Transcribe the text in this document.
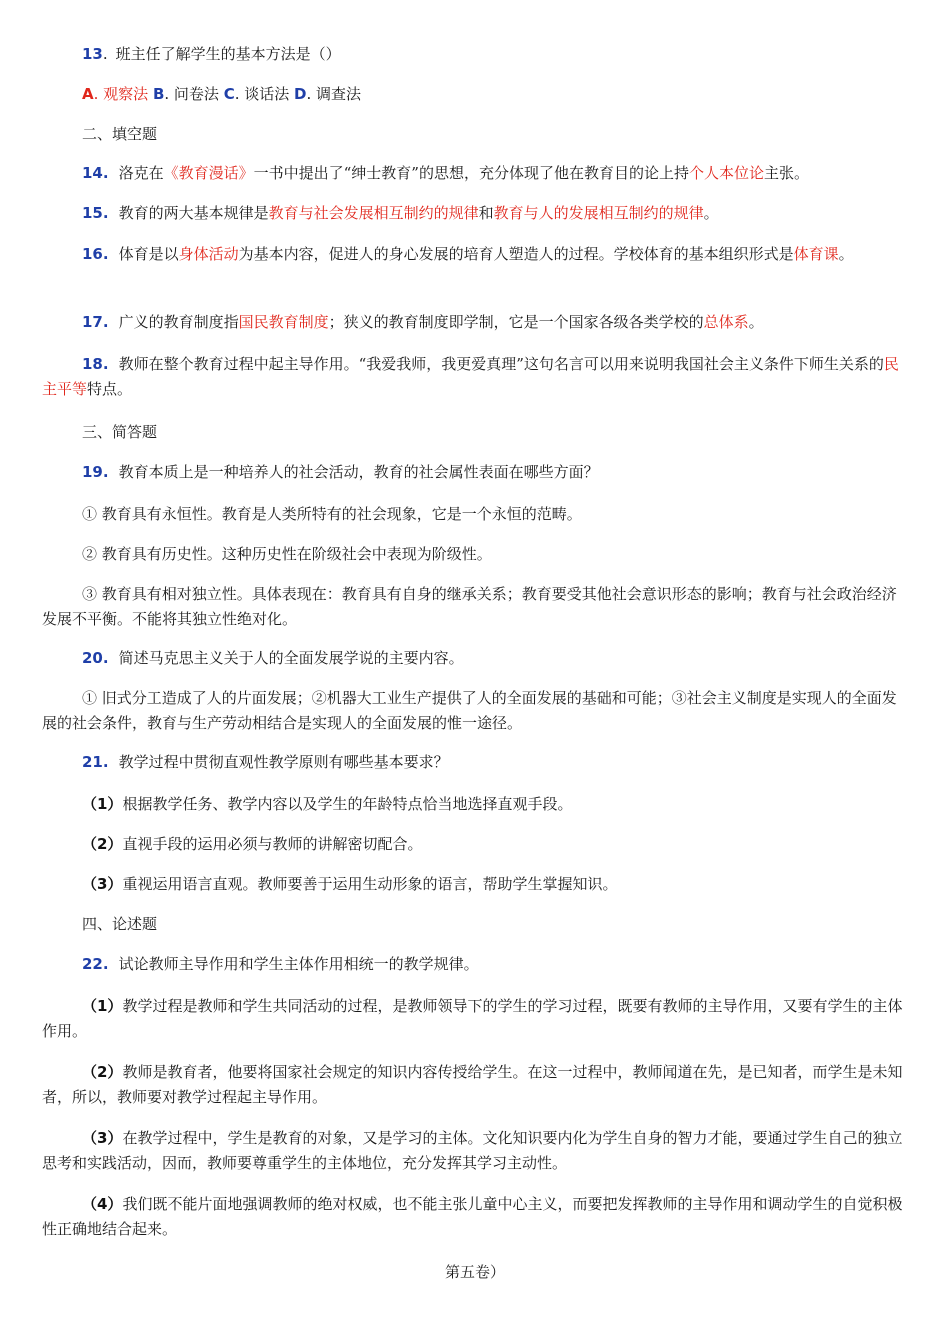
13. 班主任了解学生的基本方法是（）

A. 观察法 B. 问卷法 C. 谈话法 D. 调查法

二、填空题

14. 洛克在《教育漫话》一书中提出了“绅士教育”的思想，充分体现了他在教育目的论上持个人本位论主张。

15. 教育的两大基本规律是教育与社会发展相互制约的规律和教育与人的发展相互制约的规律。

16. 体育是以身体活动为基本内容，促进人的身心发展的培育人塑造人的过程。学校体育的基本组织形式是体育课。

17. 广义的教育制度指国民教育制度；狭义的教育制度即学制，它是一个国家各级各类学校的总体系。

18. 教师在整个教育过程中起主导作用。“我爱我师，我更爱真理”这句名言可以用来说明我国社会主义条件下师生关系的民主平等特点。

三、简答题

19. 教育本质上是一种培养人的社会活动，教育的社会属性表面在哪些方面？

① 教育具有永恒性。教育是人类所特有的社会现象，它是一个永恒的范畴。

② 教育具有历史性。这种历史性在阶级社会中表现为阶级性。

③ 教育具有相对独立性。具体表现在：教育具有自身的继承关系；教育要受其他社会意识形态的影响；教育与社会政治经济发展不平衡。不能将其独立性绝对化。

20. 简述马克思主义关于人的全面发展学说的主要内容。

① 旧式分工造成了人的片面发展；②机器大工业生产提供了人的全面发展的基础和可能；③社会主义制度是实现人的全面发展的社会条件，教育与生产劳动相结合是实现人的全面发展的惟一途径。

21. 教学过程中贯彻直观性教学原则有哪些基本要求？

（1）根据教学任务、教学内容以及学生的年龄特点恰当地选择直观手段。

（2）直视手段的运用必须与教师的讲解密切配合。

（3）重视运用语言直观。教师要善于运用生动形象的语言，帮助学生掌握知识。

四、论述题

22. 试论教师主导作用和学生主体作用相统一的教学规律。

（1）教学过程是教师和学生共同活动的过程，是教师领导下的学生的学习过程，既要有教师的主导作用，又要有学生的主体作用。

（2）教师是教育者，他要将国家社会规定的知识内容传授给学生。在这一过程中，教师闻道在先，是已知者，而学生是未知者，所以，教师要对教学过程起主导作用。

（3）在教学过程中，学生是教育的对象，又是学习的主体。文化知识要内化为学生自身的智力才能，要通过学生自己的独立思考和实践活动，因而，教师要尊重学生的主体地位，充分发挥其学习主动性。

（4）我们既不能片面地强调教师的绝对权威，也不能主张儿童中心主义，而要把发挥教师的主导作用和调动学生的自觉积极性正确地结合起来。

第五卷）
